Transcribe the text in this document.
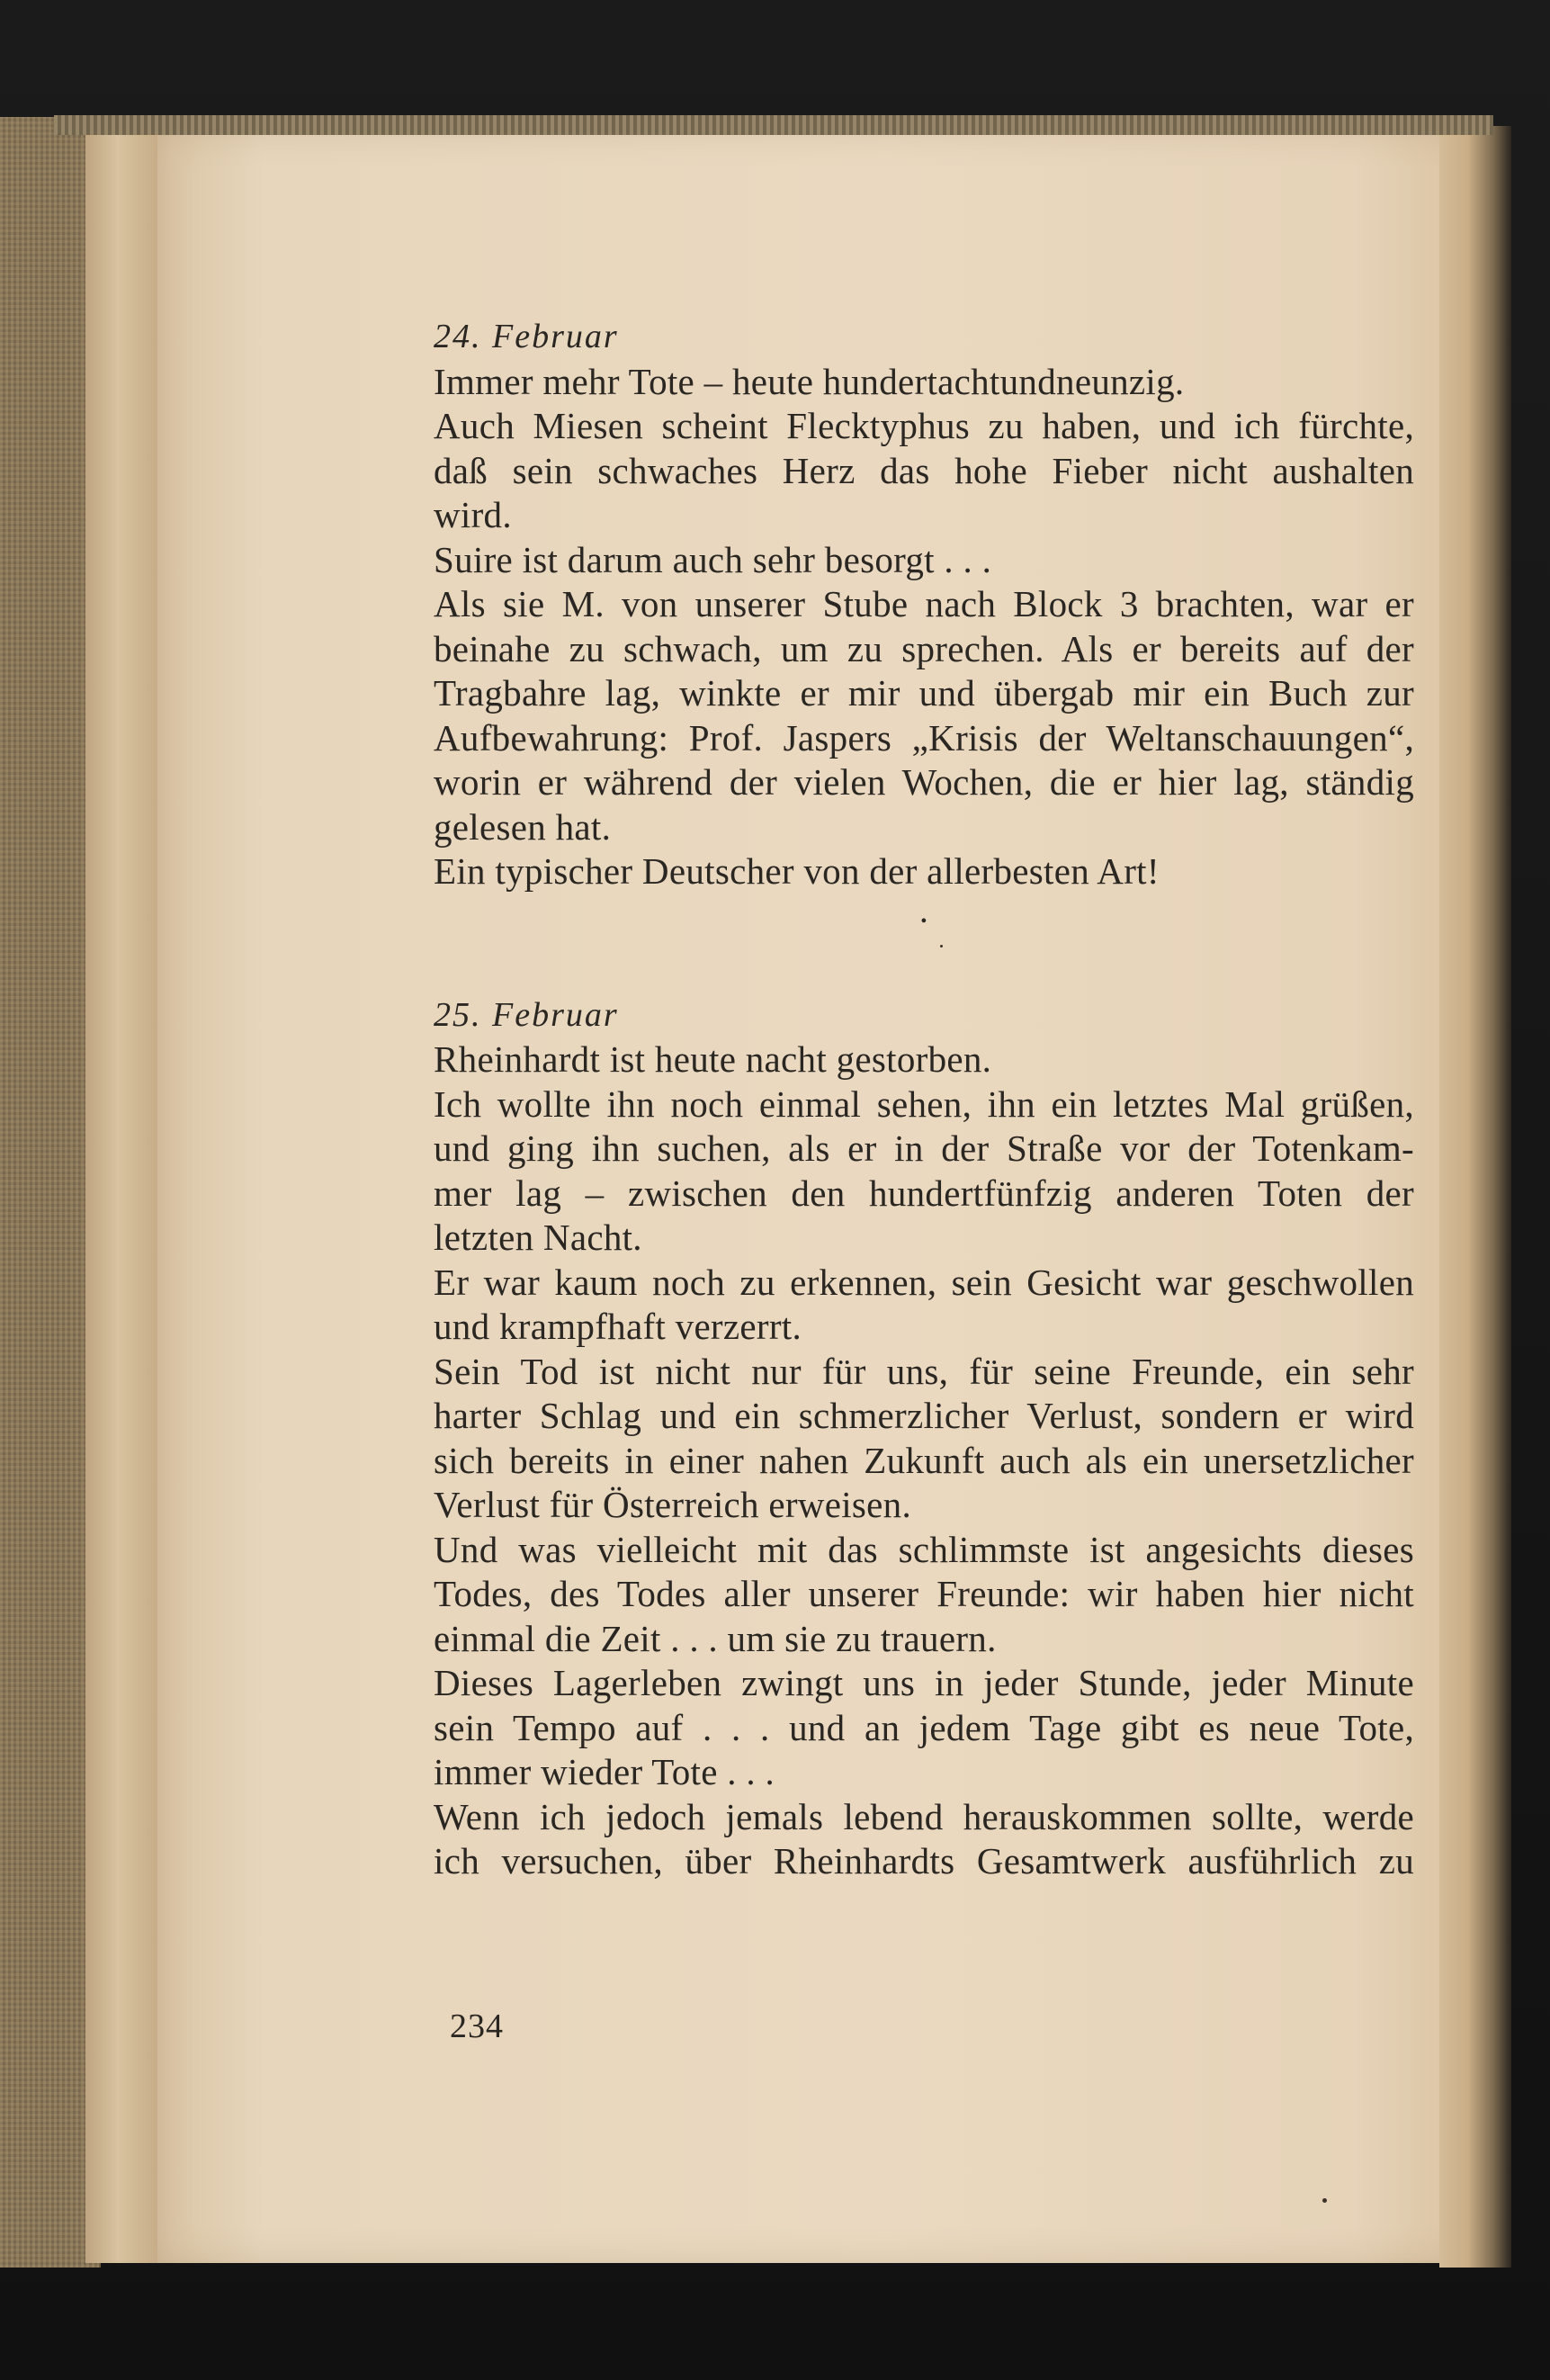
24. Februar

Immer mehr Tote – heute hundertachtundneunzig.
Auch Miesen scheint Flecktyphus zu haben, und ich fürchte,
daß sein schwaches Herz das hohe Fieber nicht aushalten
wird.
Suire ist darum auch sehr besorgt . . .
Als sie M. von unserer Stube nach Block 3 brachten, war er
beinahe zu schwach, um zu sprechen. Als er bereits auf der
Tragbahre lag, winkte er mir und übergab mir ein Buch zur
Aufbewahrung: Prof. Jaspers „Krisis der Weltanschauungen“,
worin er während der vielen Wochen, die er hier lag, ständig
gelesen hat.
Ein typischer Deutscher von der allerbesten Art!
•

25. Februar

Rheinhardt ist heute nacht gestorben.
Ich wollte ihn noch einmal sehen, ihn ein letztes Mal grüßen,
und ging ihn suchen, als er in der Straße vor der Totenkam-
mer lag – zwischen den hundertfünfzig anderen Toten der
letzten Nacht.
Er war kaum noch zu erkennen, sein Gesicht war geschwollen
und krampfhaft verzerrt.
Sein Tod ist nicht nur für uns, für seine Freunde, ein sehr
harter Schlag und ein schmerzlicher Verlust, sondern er wird
sich bereits in einer nahen Zukunft auch als ein unersetzlicher
Verlust für Österreich erweisen.
Und was vielleicht mit das schlimmste ist angesichts dieses
Todes, des Todes aller unserer Freunde: wir haben hier nicht
einmal die Zeit . . . um sie zu trauern.
Dieses Lagerleben zwingt uns in jeder Stunde, jeder Minute
sein Tempo auf . . . und an jedem Tage gibt es neue Tote,
immer wieder Tote . . .
Wenn ich jedoch jemals lebend herauskommen sollte, werde
ich versuchen, über Rheinhardts Gesamtwerk ausführlich zu
234
